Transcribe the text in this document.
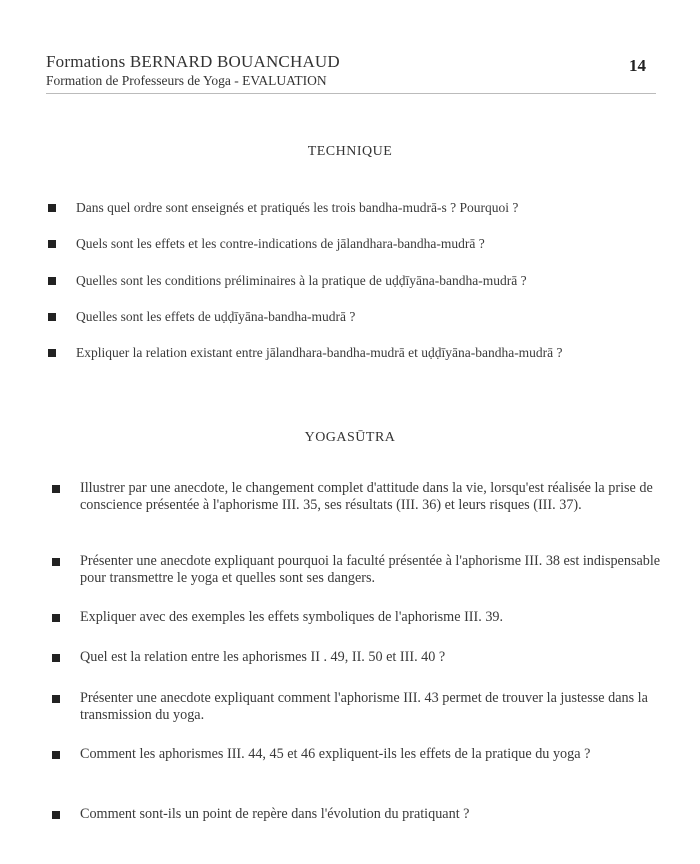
Formations BERNARD BOUANCHAUD
Formation de Professeurs de Yoga - EVALUATION
14
TECHNIQUE
Dans quel ordre sont enseignés et pratiqués les trois bandha-mudrā-s ? Pourquoi ?
Quels sont les effets et les contre-indications de jālandhara-bandha-mudrā ?
Quelles sont les conditions préliminaires à la pratique de uḍḍīyāna-bandha-mudrā ?
Quelles sont les effets de uḍḍīyāna-bandha-mudrā ?
Expliquer la relation existant entre jālandhara-bandha-mudrā et uḍḍīyāna-bandha-mudrā ?
YOGASŪTRA
Illustrer par une anecdote, le changement complet d'attitude dans la vie, lorsqu'est réalisée la prise de conscience présentée à l'aphorisme III. 35, ses résultats (III. 36) et leurs risques (III. 37).
Présenter une anecdote expliquant pourquoi la faculté présentée à l'aphorisme III. 38 est indispensable pour transmettre le yoga et quelles sont ses dangers.
Expliquer avec des exemples les effets symboliques de l'aphorisme III. 39.
Quel est la relation entre les aphorismes II . 49, II. 50 et III. 40 ?
Présenter une anecdote expliquant comment l'aphorisme III. 43 permet de trouver la justesse dans la transmission du yoga.
Comment les aphorismes III. 44, 45 et 46 expliquent-ils les effets de la pratique du yoga ?
Comment sont-ils un point de repère dans l'évolution du pratiquant ?
